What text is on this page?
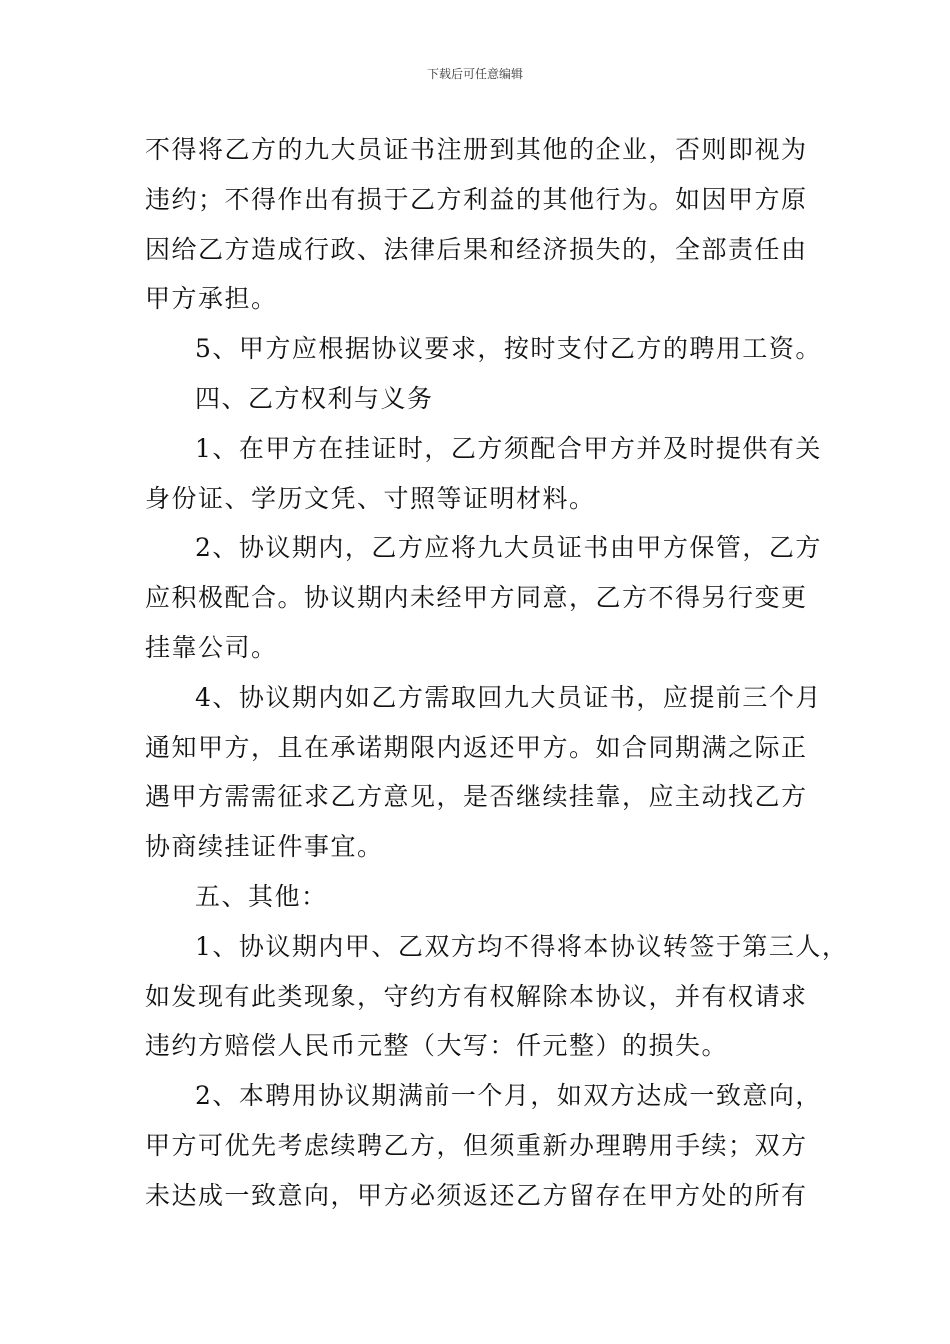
下载后可任意编辑

不得将乙方的九大员证书注册到其他的企业，否则即视为

违约；不得作出有损于乙方利益的其他行为。如因甲方原

因给乙方造成行政、法律后果和经济损失的，全部责任由

甲方承担。

5、甲方应根据协议要求，按时支付乙方的聘用工资。

四、乙方权利与义务

1、在甲方在挂证时，乙方须配合甲方并及时提供有关

身份证、学历文凭、寸照等证明材料。

2、协议期内，乙方应将九大员证书由甲方保管，乙方

应积极配合。协议期内未经甲方同意，乙方不得另行变更

挂靠公司。

4、协议期内如乙方需取回九大员证书，应提前三个月

通知甲方，且在承诺期限内返还甲方。如合同期满之际正

遇甲方需需征求乙方意见，是否继续挂靠，应主动找乙方

协商续挂证件事宜。

五、其他：

1、协议期内甲、乙双方均不得将本协议转签于第三人，

如发现有此类现象，守约方有权解除本协议，并有权请求

违约方赔偿人民币元整（大写：仟元整）的损失。

2、本聘用协议期满前一个月，如双方达成一致意向，

甲方可优先考虑续聘乙方，但须重新办理聘用手续；双方

未达成一致意向，甲方必须返还乙方留存在甲方处的所有
